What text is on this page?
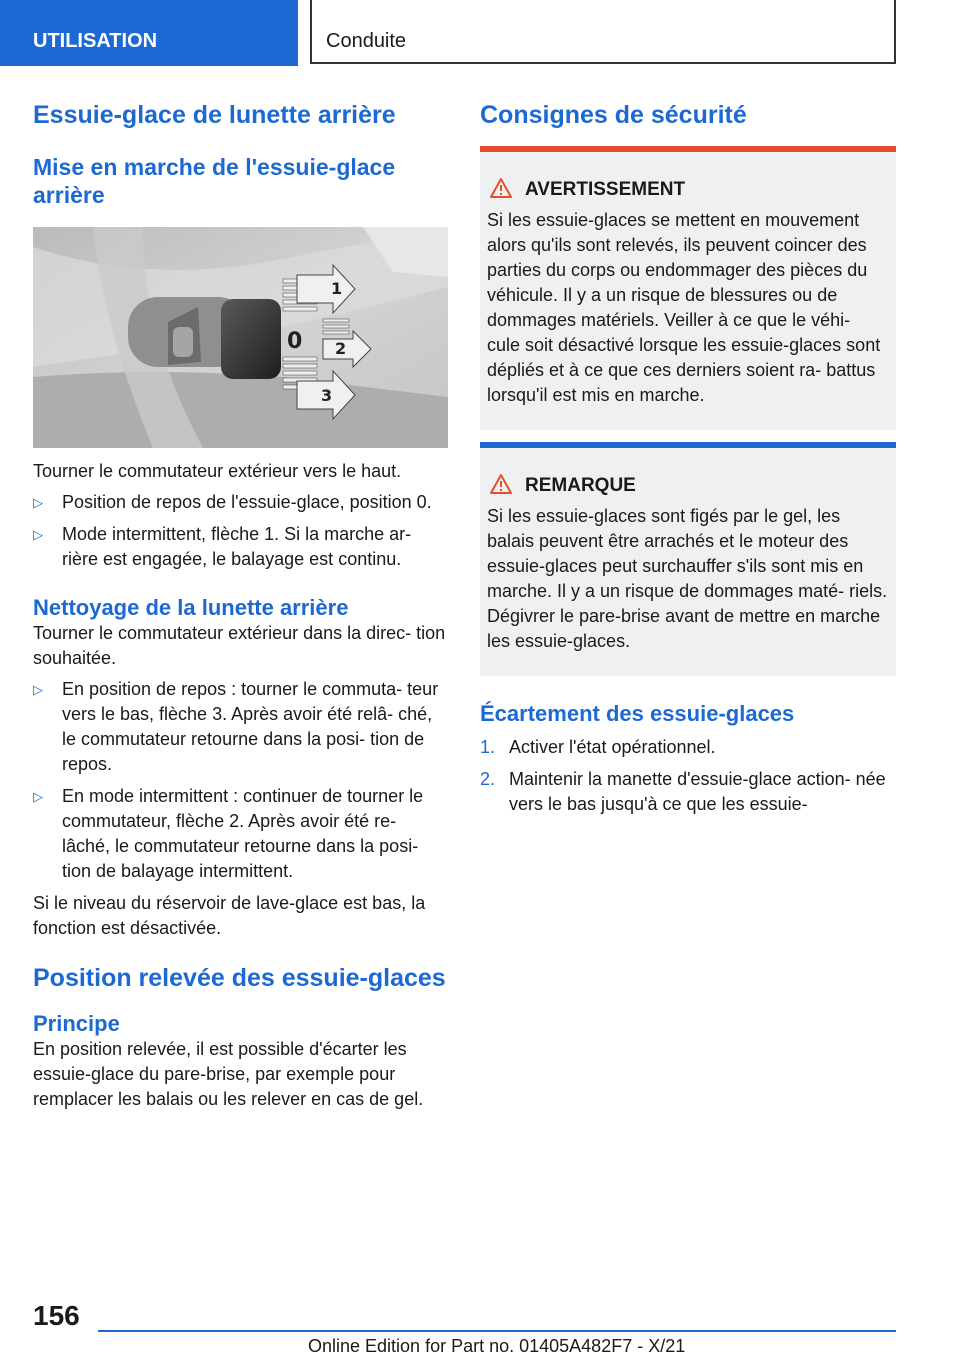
UTILISATION	Conduite
Essuie-glace de lunette arrière
Mise en marche de l'essuie-glace arrière
1
0 2
3

Tourner le commutateur extérieur vers le haut.

▷ Position de repos de l'essuie-glace, position 0.
▷ Mode intermittent, flèche 1. Si la marche ar- rière est engagée, le balayage est continu.
Nettoyage de la lunette arrière

Tourner le commutateur extérieur dans la direc- tion souhaitée.

▷ En position de repos : tourner le commuta- teur vers le bas, flèche 3. Après avoir été relâ- ché, le commutateur retourne dans la posi- tion de repos.
▷ En mode intermittent : continuer de tourner le commutateur, flèche 2. Après avoir été re- lâché, le commutateur retourne dans la posi- tion de balayage intermittent.

Si le niveau du réservoir de lave-glace est bas, la fonction est désactivée.

Position relevée des essuie-glaces
Principe

En position relevée, il est possible d'écarter les essuie-glace du pare-brise, par exemple pour remplacer les balais ou les relever en cas de gel.

Consignes de sécurité
AVERTISSEMENT

Si les essuie-glaces se mettent en mouvement alors qu'ils sont relevés, ils peuvent coincer des parties du corps ou endommager des pièces du véhicule. Il y a un risque de blessures ou de dommages matériels. Veiller à ce que le véhi- cule soit désactivé lorsque les essuie-glaces sont dépliés et à ce que ces derniers soient ra- battus lorsqu'il est mis en marche.

REMARQUE

Si les essuie-glaces sont figés par le gel, les balais peuvent être arrachés et le moteur des essuie-glaces peut surchauffer s'ils sont mis en marche. Il y a un risque de dommages maté- riels. Dégivrer le pare-brise avant de mettre en marche les essuie-glaces.

Écartement des essuie-glaces
1. Activer l'état opérationnel.
2. Maintenir la manette d'essuie-glace action- née vers le bas jusqu'à ce que les essuie-
156
Online Edition for Part no. 01405A482F7 - X/21
